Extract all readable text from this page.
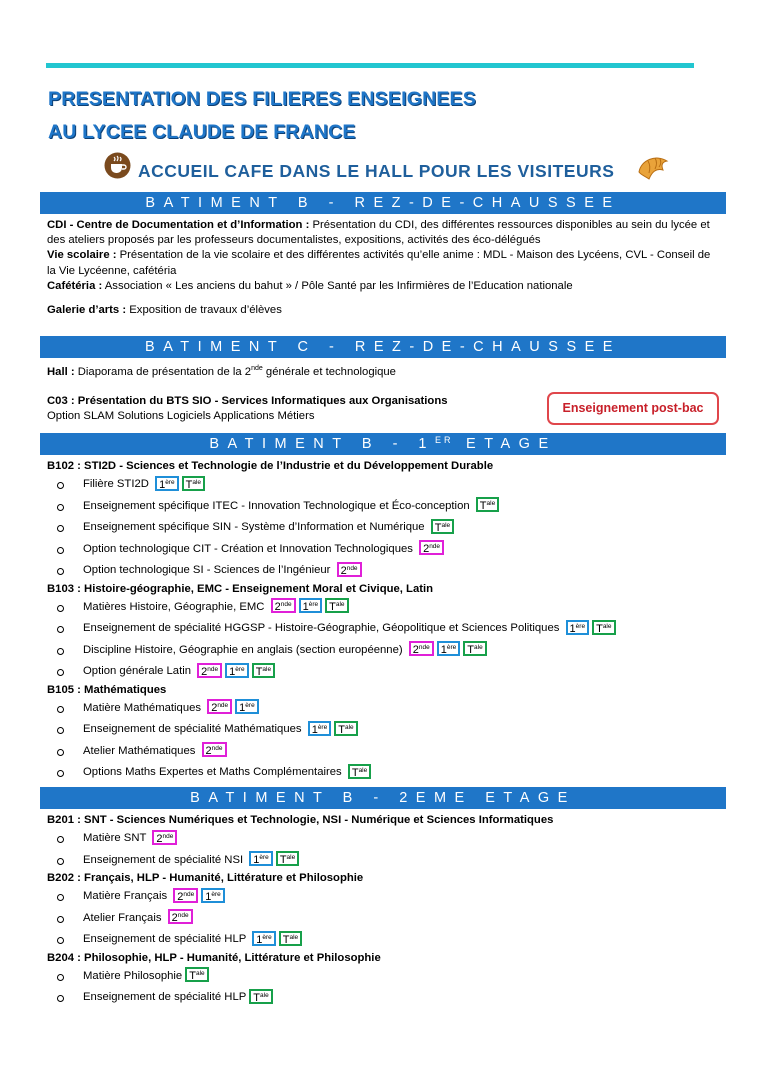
PRESENTATION DES FILIERES ENSEIGNEES
AU LYCEE CLAUDE DE FRANCE
ACCUEIL CAFE DANS LE HALL POUR LES VISITEURS
BATIMENT B - REZ-DE-CHAUSSEE

CDI - Centre de Documentation et d’Information : Présentation du CDI, des différentes ressources disponibles au sein du lycée et des ateliers proposés par les professeurs documentalistes, expositions, activités des éco-délégués

Vie scolaire : Présentation de la vie scolaire et des différentes activités qu’elle anime : MDL - Maison des Lycéens, CVL - Conseil de la Vie Lycéenne, cafétéria

Cafétéria : Association « Les anciens du bahut » / Pôle Santé par les Infirmières de l’Education nationale

Galerie d’arts : Exposition de travaux d’élèves

BATIMENT C - REZ-DE-CHAUSSEE

Hall : Diaporama de présentation de la 2nde générale et technologique

C03 : Présentation du BTS SIO - Services Informatiques aux Organisations

Option SLAM Solutions Logiciels Applications Métiers

Enseignement post-bac
BATIMENT B - 1ER ETAGE
B102 : STI2D - Sciences et Technologie de l’Industrie et du Développement Durable
Filière STI2D 1ère $T^{ale}$
Enseignement spécifique ITEC - Innovation Technologique et Éco-conception $T^{ale}$
Enseignement spécifique SIN - Système d’Information et Numérique $T^{ale}$
Option technologique CIT - Création et Innovation Technologiques 2nde
Option technologique SI - Sciences de l’Ingénieur 2nde
B103 : Histoire-géographie, EMC - Enseignement Moral et Civique, Latin
Matières Histoire, Géographie, EMC 2nde 1ère $T^{ale}$
Enseignement de spécialité HGGSP - Histoire-Géographie, Géopolitique et Sciences Politiques 1ère $T^{ale}$
Discipline Histoire, Géographie en anglais (section européenne) 2nde 1ère $T^{ale}$
Option générale Latin 2nde 1ère $T^{ale}$
B105 : Mathématiques
Matière Mathématiques 2nde 1ère
Enseignement de spécialité Mathématiques 1ère $T^{ale}$
Atelier Mathématiques 2nde
Options Maths Expertes et Maths Complémentaires $T^{ale}$
BATIMENT B - 2EME ETAGE
B201 : SNT - Sciences Numériques et Technologie, NSI - Numérique et Sciences Informatiques
Matière SNT 2nde
Enseignement de spécialité NSI 1ère $T^{ale}$
B202 : Français, HLP - Humanité, Littérature et Philosophie
Matière Français 2nde 1ère
Atelier Français 2nde
Enseignement de spécialité HLP 1ère $T^{ale}$
B204 : Philosophie, HLP - Humanité, Littérature et Philosophie
Matière Philosophie $T^{ale}$
Enseignement de spécialité HLP $T^{ale}$
